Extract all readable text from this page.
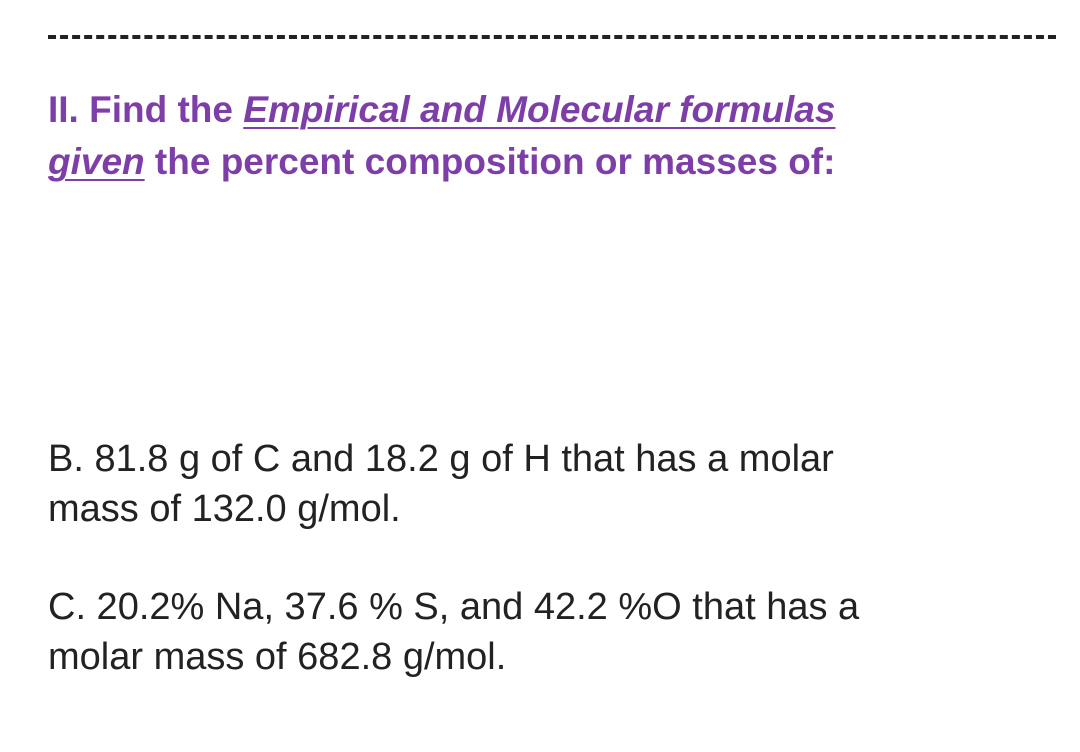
II. Find the Empirical and Molecular formulas
given the percent composition or masses of:
B. 81.8 g of C and 18.2 g of H that has a molar
mass of 132.0 g/mol.
C. 20.2% Na, 37.6 % S, and 42.2 %O that has a
molar mass of 682.8 g/mol.
